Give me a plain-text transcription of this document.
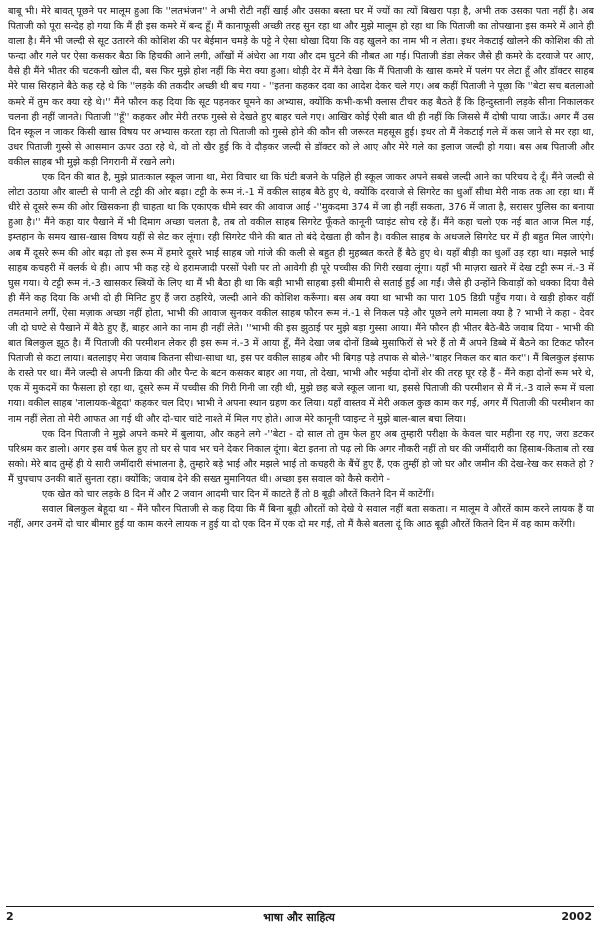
बाबू भी। मेरे बावत् पूछने पर मालूम हुआ कि ''लतभंजन'' ने अभी रोटी नहीं खाई और उसका बस्ता घर में ज्यों का त्यों बिखरा पड़ा है, अभी तक उसका पता नहीं है। अब पिताजी को पूरा सन्देह हो गया कि मैं ही इस कमरे में बन्द हूँ। मैं कानाफूसी अच्छी तरह सुन रहा था और मुझे मालूम हो रहा था कि पिताजी का तोपखाना इस कमरे में आने ही वाला है। मैंने भी जल्दी से सूट उतारने की कोशिश की पर बेईमान चमड़े के पट्टे ने ऐसा धोखा दिया कि वह खुलने का नाम भी न लेता। इधर नेकटाई खोलने की कोशिश की तो फन्दा और गले पर ऐसा कसकर बैठा कि हिचकी आने लगी, आँखों में अंधेरा आ गया और दम घुटने की नौबत आ गई। पिताजी डंडा लेकर जैसे ही कमरे के दरवाजे पर आए, वैसे ही मैंने भीतर की चटकनी खोल दी, बस फिर मुझे होश नहीं कि मेरा क्या हुआ। थोड़ी देर में मैंने देखा कि मैं पिताजी के खास कमरे में पलंग पर लेटा हूँ और डॉक्टर साहब मेरे पास सिरहाने बैठे कह रहे थे कि ''लड़के की तकदीर अच्छी थी बच गया - ''इतना कहकर दवा का आदेश देकर चले गए। अब कहीं पिताजी ने पूछा कि ''बेटा सच बतलाओ कमरे में तुम कर क्या रहे थे।'' मैंने फौरन कह दिया कि सूट पहनकर घूमने का अभ्यास, क्योंकि कभी-कभी क्लास टीचर कह बैठते हैं कि हिन्दुस्तानी लड़के सीना निकालकर चलना ही नहीं जानते। पिताजी ''हूँ'' कहकर और मेरी तरफ गुस्से से देखते हुए बाहर चले गए। आखिर कोई ऐसी बात थी ही नहीं कि जिससे मैं दोषी पाया जाऊँ। अगर मैं उस दिन स्कूल न जाकर किसी खास विषय पर अभ्यास करता रहा तो पिताजी को गुस्से होने की कौन सी जरूरत महसूस हुई। इधर तो मैं नेकटाई गले में कस जाने से मर रहा था, उधर पिताजी गुस्से से आसमान ऊपर उठा रहे थे, वो तो खैर हुई कि वे दौड़कर जल्दी से डॉक्टर को ले आए और मेरे गले का इलाज जल्दी हो गया। बस अब पिताजी और वकील साहब भी मुझे कड़ी निगरानी में रखने लगे।

एक दिन की बात है, मुझे प्रातःकाल स्कूल जाना था, मेरा विचार था कि घंटी बजने के पहिले ही स्कूल जाकर अपने सबसे जल्दी आने का परिचय दे दूँ। मैंने जल्दी से लोटा उठाया और बाल्टी से पानी ले टट्टी की ओर बढ़ा। टट्टी के रूम नं.-1 में वकील साहब बैठे हुए थे, क्योंकि दरवाजे से सिगरेट का धुआँ सीधा मेरी नाक तक आ रहा था। मैं धीरे से दूसरे रूम की ओर खिसकना ही चाहता था कि एकाएक धीमे स्वर की आवाज आई -''मुकदमा 374 में जा ही नहीं सकता, 376 में जाता है, सरासर पुलिस का बनाया हुआ है।'' मैंने कहा यार पैखाने में भी दिमाग अच्छा चलता है, तब तो वकील साहब सिगरेट फूँकते कानूनी प्वाइंट सोच रहे हैं। मैंने कहा चलो एक नई बात आज मिल गई, इम्तहान के समय खास-खास विषय यहीं से सेट कर लूंगा। रही सिगरेट पीने की बात तो बंदे देखता ही कौन है। वकील साहब के अधजले सिगरेट घर में ही बहुत मिल जाएंगे। अब मैं दूसरे रूम की ओर बढ़ा तो इस रूम में हमारे दूसरे भाई साहब जो गांजे की कली से बहुत ही मुहब्बत करते हैं बैठे हुए थे। यहाँ बीड़ी का धुआँ उड़ रहा था। मझले भाई साहब कचहरी में क्लर्क थे ही। आप भी कह रहे थे हरामजादी परसों पेशी पर तो आवेगी ही पूरे पच्चीस की गिरी रखवा लूंगा। यहाँ भी माज़रा खतरे में देख टट्टी रूम नं.-3 में घुस गया। ये टट्टी रूम नं.-3 खासकर स्त्रियों के लिए था मैं भी बैठा ही था कि बड़ी भाभी साहबा इसी बीमारी से सताई हुईं आ गईं। जैसे ही उन्होंने किवाड़ों को धक्का दिया वैसे ही मैंने कह दिया कि अभी दो ही मिनिट हुए हैं जरा ठहरिये, जल्दी आने की कोशिश करूँगा। बस अब क्या था भाभी का पारा 105 डिग्री पहुँच गया। वे खड़ी होकर वहीं तमतमाने लगीं, ऐसा मज़ाक अच्छा नहीं होता, भाभी की आवाज सुनकर वकील साहब फौरन रूम नं.-1 से निकल पड़े और पूछने लगे मामला क्या है ? भाभी ने कहा - देवर जी दो घण्टे से पैखाने में बैठे हुए हैं, बाहर आने का नाम ही नहीं लेते। ''भाभी की इस झुठाई पर मुझे बड़ा गुस्सा आया। मैंने फौरन ही भीतर बैठे-बैठे जवाब दिया - भाभी की बात बिलकुल झूठ है। मैं पिताजी की परमीशन लेकर ही इस रूम नं.-3 में आया हूँ, मैंने देखा जब दोनों डिब्बे मुसाफिरों से भरे हैं तो मैं अपने डिब्बे में बैठने का टिकट फौरन पिताजी से कटा लाया। बतलाइए मेरा जवाब कितना सीधा-साधा था, इस पर वकील साहब और भी बिगड़ पड़े तपाक से बोले-''बाहर निकल कर बात कर''। मैं बिलकुल इंसाफ के रास्ते पर था। मैंने जल्दी से अपनी क्रिया की और पैन्ट के बटन कसकर बाहर आ गया, तो देखा, भाभी और भईया दोनों शेर की तरह घूर रहे हैं - मैंने कहा दोनों रूम भरे थे, एक में मुकदमें का फैसला हो रहा था, दूसरे रूम में पच्चीस की गिरी गिनी जा रही थी, मुझे छह बजे स्कूल जाना था, इससे पिताजी की परमीशन से मैं नं.-3 वाले रूम में चला गया। वकील साहब 'नालायक-बेहूदा' कहकर चल दिए। भाभी ने अपना स्थान ग्रहण कर लिया। यहाँ वास्तव में मेरी अकल कुछ काम कर गई, अगर मैं पिताजी की परमीशन का नाम नहीं लेता तो मेरी आफत आ गई थी और दो-चार चांटे नाश्ते में मिल गए होते। आज मेरे कानूनी प्वाइन्ट ने मुझे बाल-बाल बचा लिया।

एक दिन पिताजी ने मुझे अपने कमरे में बुलाया, और कहने लगे -''बेटा - दो साल तो तुम फेल हुए अब तुम्हारी परीक्षा के केवल चार महीना रह गए, जरा डटकर परिश्रम कर डालो। अगर इस वर्ष फेल हुए तो घर से पाव भर चने देकर निकाल दूंगा। बेटा इतना तो पढ़ लो कि अगर नौकरी नहीं तो घर की जमींदारी का हिसाब-किताब तो रख सको। मेरे बाद तुम्हें ही ये सारी जमींदारी संभालना है, तुम्हारे बड़े भाई और मझले भाई तो कचहरी के बैंचें हुए हैं, एक तुम्हीं हो जो घर और जमीन की देख-रेख कर सकते हो ? मैं चुपचाप उनकी बातें सुनता रहा। क्योंकि; जवाब देने की सख्त मुमानियत थी। अच्छा इस सवाल को कैसे करोगे -

एक खेत को चार लड़के 8 दिन में और 2 जवान आदमी चार दिन में काटते हैं तो 8 बूढ़ी औरतें कितने दिन में काटेंगीं।

सवाल बिलकुल बेहूदा था - मैंने फौरन पिताजी से कह दिया कि मैं बिना बूढ़ी औरतों को देखे ये सवाल नहीं बता सकता। न मालूम वे औरतें काम करने लायक हैं या नहीं, अगर उनमें दो चार बीमार हुई या काम करने लायक न हुई या दो एक दिन में एक दो मर गई, तो मैं कैसे बतला दूं कि आठ बूढ़ी औरतें कितने दिन में वह काम करेंगी।

2	भाषा और साहित्य	2002
